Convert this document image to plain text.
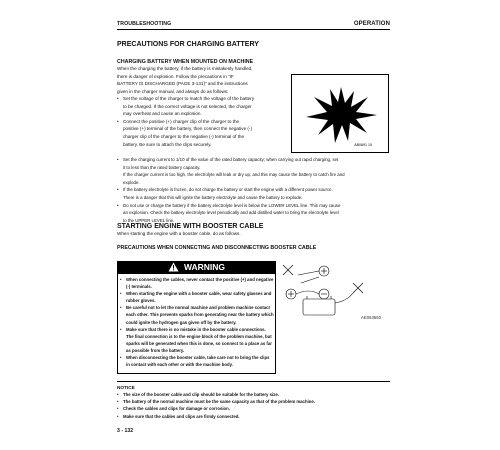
TROUBLESHOOTING	OPERATION
PRECAUTIONS FOR CHARGING BATTERY
CHARGING BATTERY WHEN MOUNTED ON MACHINE

When the charging the battery, if the battery is mistakenly handled,

there is danger of explosion. Follow the precautions in "IF

BATTERY IS DISCHARGED (PAGE 3-131)" and the instructions

given in the charger manual, and always do as follows:

• Set the voltage of the charger to match the voltage of the battery

to be charged. If the correct voltage is not selected, the charger

may overheat and cause an explosion.

• Connect the positive (+) charger clip of the charger to the

positive (+) terminal of the battery, then connect the negative (-)

charger clip of the charger to the negative (-) terminal of the

battery. Be sure to attach the clips securely.

• Set the charging current to 1/10 of the value of the rated battery capacity; when carrying out rapid charging, set

it to less than the rated battery capacity.

If the charger current is too high, the electrolyte will leak or dry up, and this may cause the battery to catch fire and

explode.

• If the battery electrolyte is frozen, do not charge the battery or start the engine with a different power source.

There is a danger that this will ignite the battery electrolyte and cause the battery to explode.

• Do not use or charge the battery if the battery electrolyte level is below the LOWER LEVEL line. This may cause

an explosion. Check the battery electrolyte level periodically and add distilled water to bring the electrolyte level

to the UPPER LEVEL line.

AB0891 10
STARTING ENGINE WITH BOOSTER CABLE
When starting the engine with a booster cable, do as follows.
PRECAUTIONS WHEN CONNECTING AND DISCONNECTING BOOSTER CABLE
WARNING

• When connecting the cables, never contact the positive (+) and negative

(-) terminals.

• When starting the engine with a booster cable, wear safety glasses and

rubber gloves.

• Be careful not to let the normal machine and problem machine contact

each other. This prevents sparks from generating near the battery which

could ignite the hydrogen gas given off by the battery.

• Make sure that there is no mistake in the booster cable connections.

The final connection is to the engine block of the problem machine, but

sparks will be generated when this is done, so connect to a place as far

as possible from the battery.

• When disconnecting the booster cable, take care not to bring the clips

in contact with each other or with the machine body.

AE063550
NOTICE
• The size of the booster cable and clip should be suitable for the battery size.
• The battery of the normal machine must be the same capacity as that of the problem machine.
• Check the cables and clips for damage or corrosion.
• Make sure that the cables and clips are firmly connected.
3 - 132
